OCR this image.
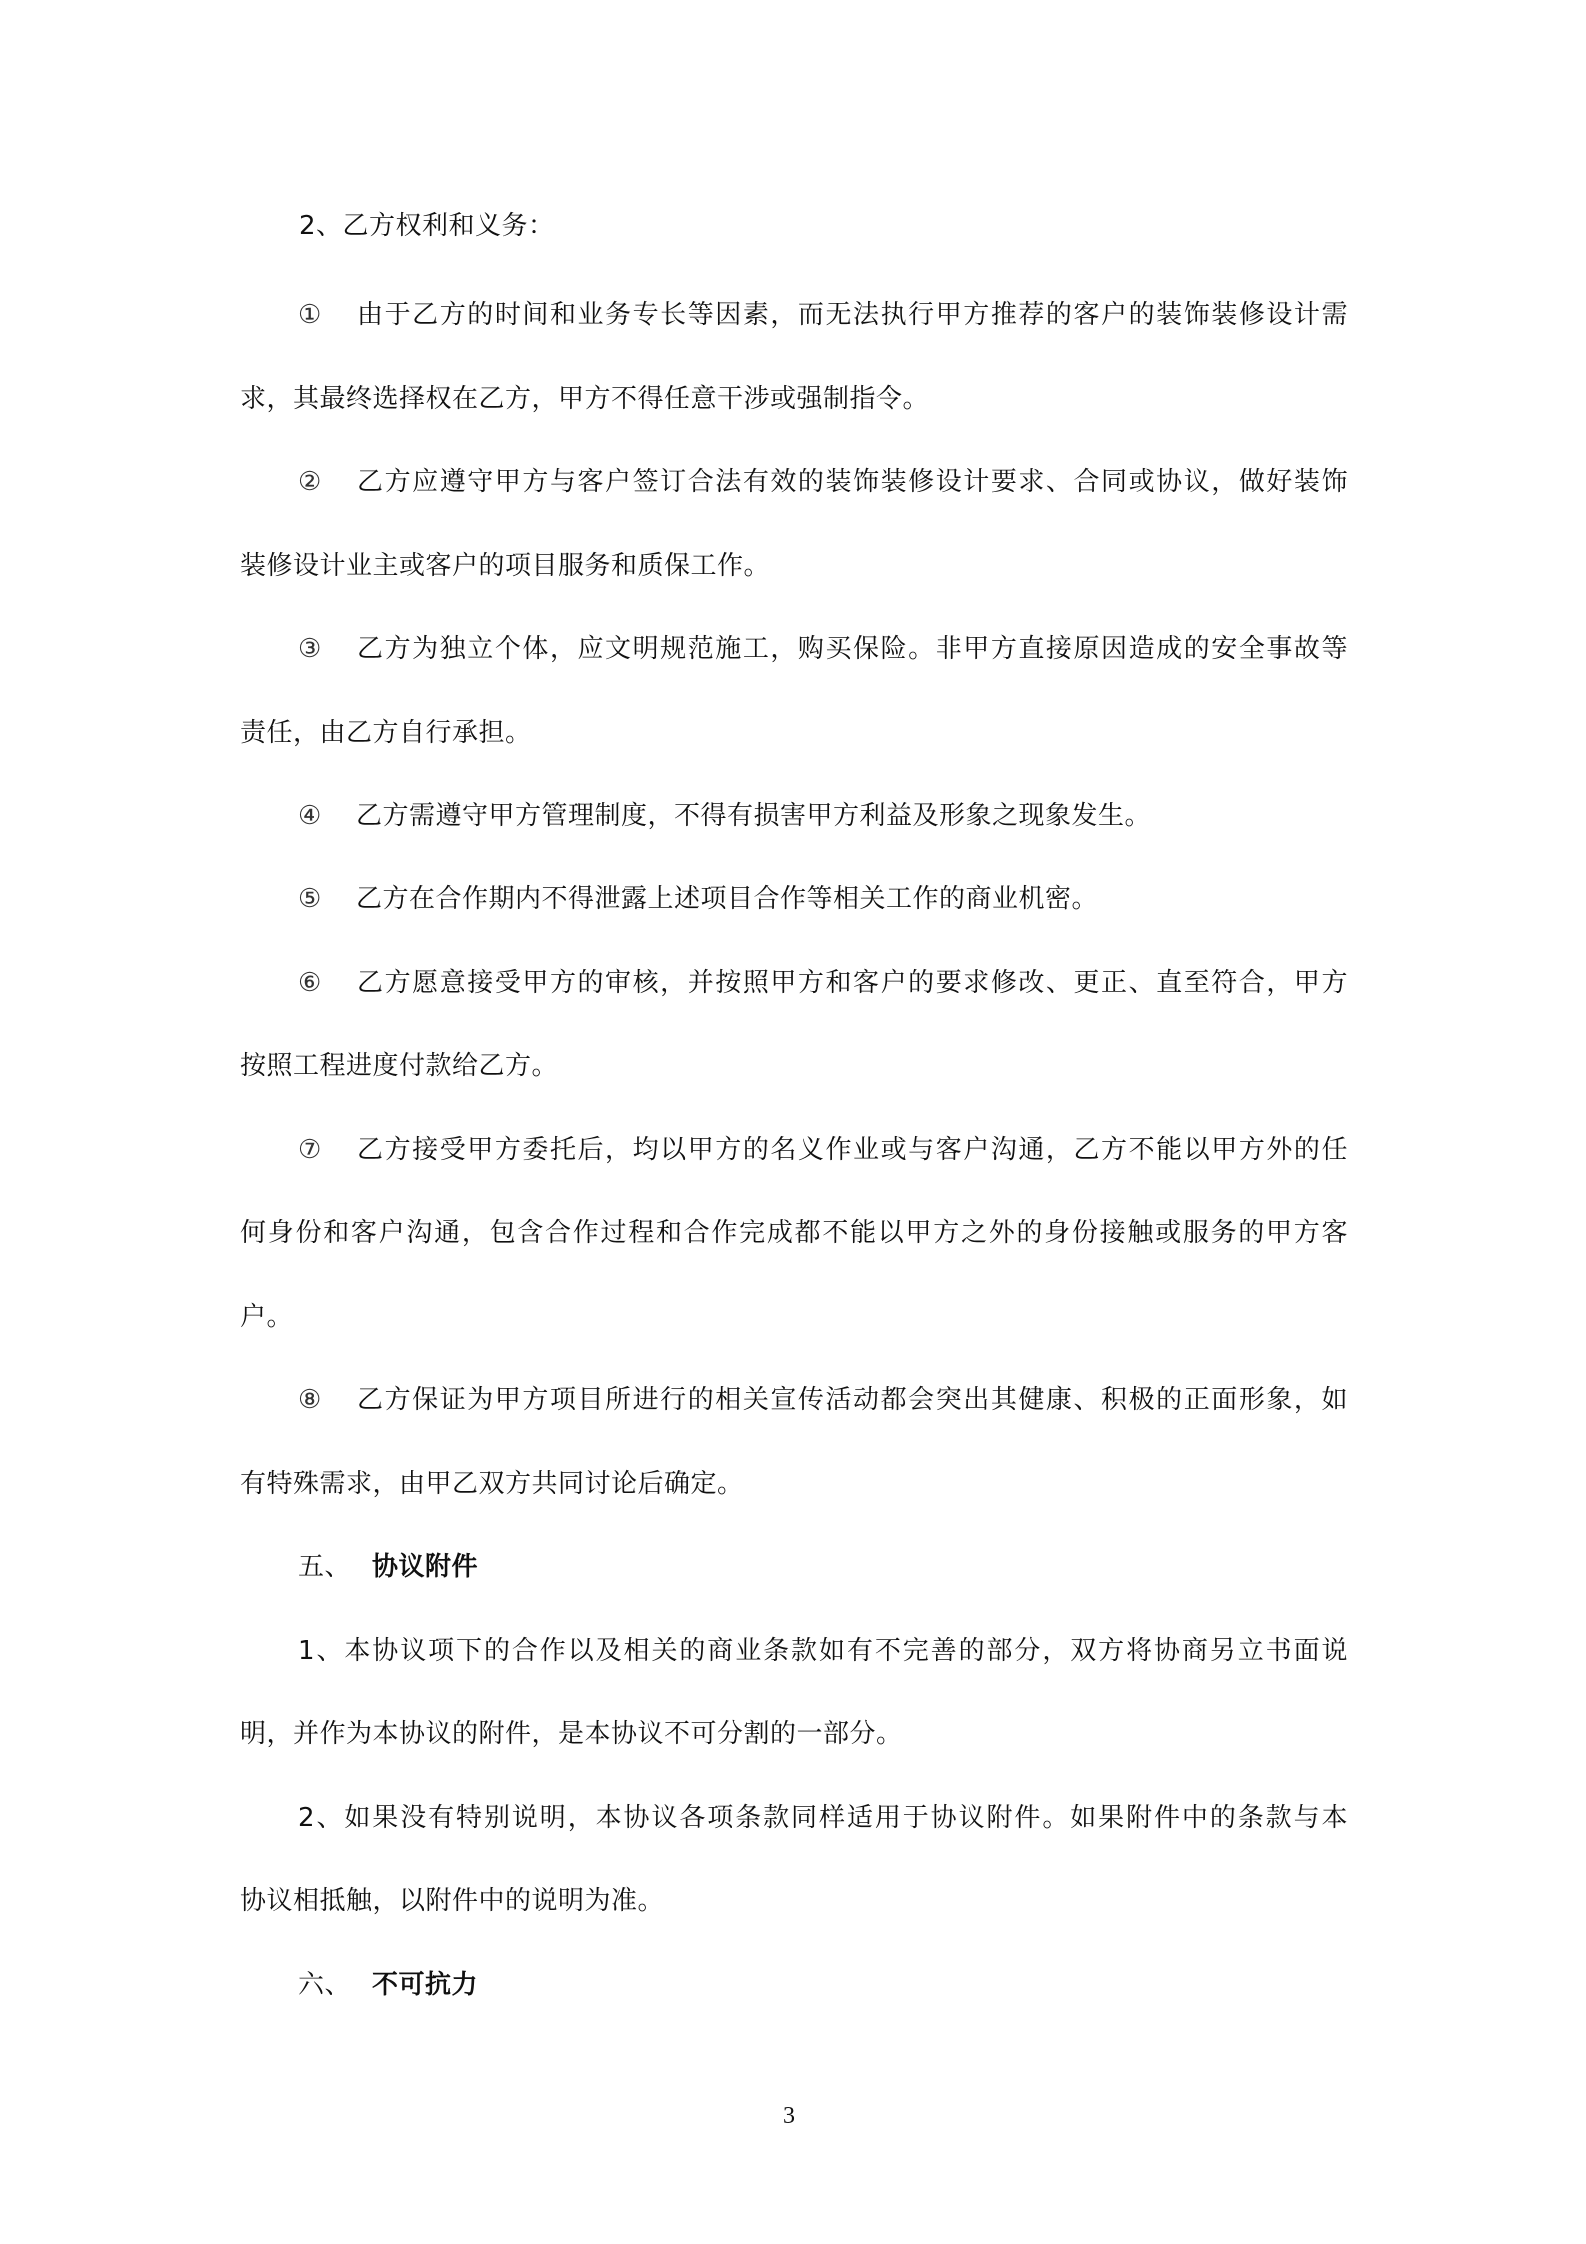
2、乙方权利和义务：
① 由于乙方的时间和业务专长等因素，而无法执行甲方推荐的客户的装饰装修设计需
求，其最终选择权在乙方，甲方不得任意干涉或强制指令。
② 乙方应遵守甲方与客户签订合法有效的装饰装修设计要求、合同或协议，做好装饰
装修设计业主或客户的项目服务和质保工作。
③ 乙方为独立个体，应文明规范施工，购买保险。非甲方直接原因造成的安全事故等
责任，由乙方自行承担。
④ 乙方需遵守甲方管理制度，不得有损害甲方利益及形象之现象发生。
⑤ 乙方在合作期内不得泄露上述项目合作等相关工作的商业机密。
⑥ 乙方愿意接受甲方的审核，并按照甲方和客户的要求修改、更正、直至符合，甲方
按照工程进度付款给乙方。
⑦ 乙方接受甲方委托后，均以甲方的名义作业或与客户沟通，乙方不能以甲方外的任
何身份和客户沟通，包含合作过程和合作完成都不能以甲方之外的身份接触或服务的甲方客
户。
⑧ 乙方保证为甲方项目所进行的相关宣传活动都会突出其健康、积极的正面形象，如
有特殊需求，由甲乙双方共同讨论后确定。
五、 协议附件
1、本协议项下的合作以及相关的商业条款如有不完善的部分，双方将协商另立书面说
明，并作为本协议的附件，是本协议不可分割的一部分。
2、如果没有特别说明，本协议各项条款同样适用于协议附件。如果附件中的条款与本
协议相抵触，以附件中的说明为准。
六、 不可抗力
3
